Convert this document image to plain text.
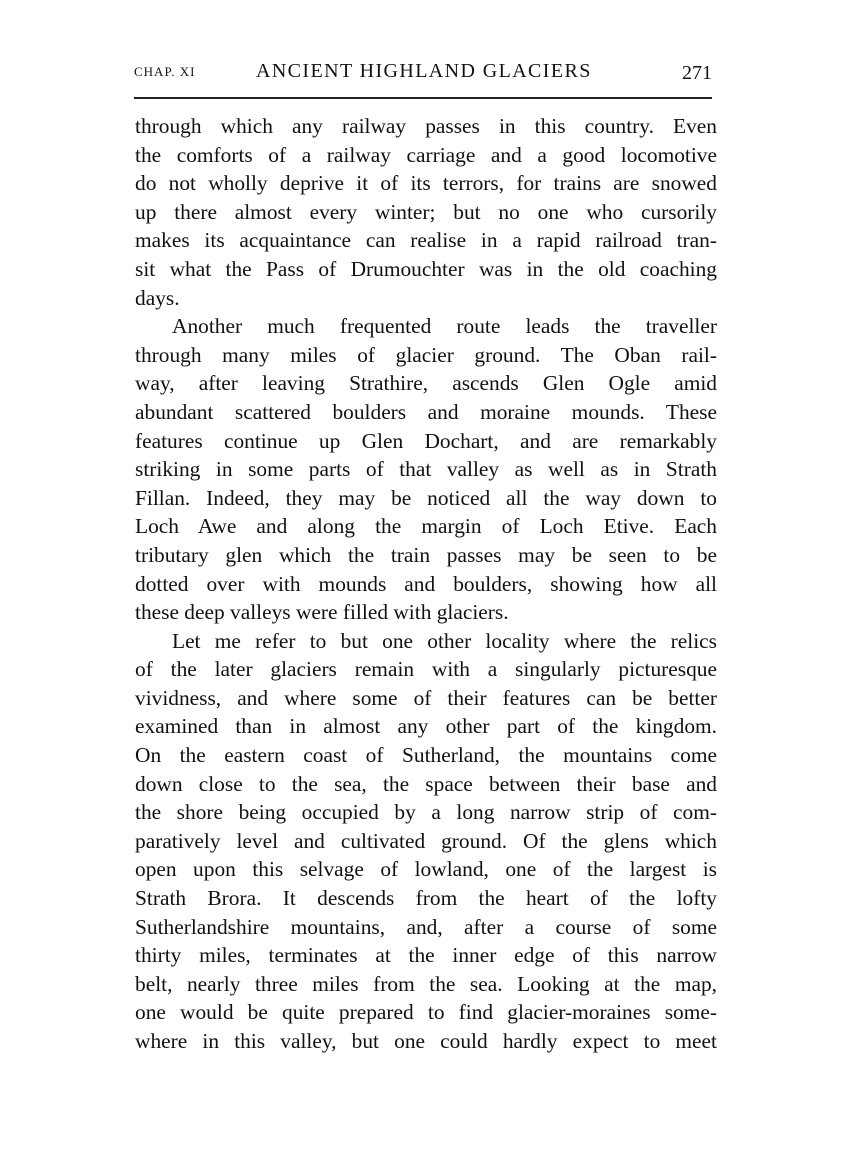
CHAP. XI	ANCIENT HIGHLAND GLACIERS	271
through which any railway passes in this country. Even
the comforts of a railway carriage and a good locomotive
do not wholly deprive it of its terrors, for trains are snowed
up there almost every winter; but no one who cursorily
makes its acquaintance can realise in a rapid railroad tran-
sit what the Pass of Drumouchter was in the old coaching
days.
Another much frequented route leads the traveller
through many miles of glacier ground. The Oban rail-
way, after leaving Strathire, ascends Glen Ogle amid
abundant scattered boulders and moraine mounds. These
features continue up Glen Dochart, and are remarkably
striking in some parts of that valley as well as in Strath
Fillan. Indeed, they may be noticed all the way down to
Loch Awe and along the margin of Loch Etive. Each
tributary glen which the train passes may be seen to be
dotted over with mounds and boulders, showing how all
these deep valleys were filled with glaciers.
Let me refer to but one other locality where the relics
of the later glaciers remain with a singularly picturesque
vividness, and where some of their features can be better
examined than in almost any other part of the kingdom.
On the eastern coast of Sutherland, the mountains come
down close to the sea, the space between their base and
the shore being occupied by a long narrow strip of com-
paratively level and cultivated ground. Of the glens which
open upon this selvage of lowland, one of the largest is
Strath Brora. It descends from the heart of the lofty
Sutherlandshire mountains, and, after a course of some
thirty miles, terminates at the inner edge of this narrow
belt, nearly three miles from the sea. Looking at the map,
one would be quite prepared to find glacier-moraines some-
where in this valley, but one could hardly expect to meet
